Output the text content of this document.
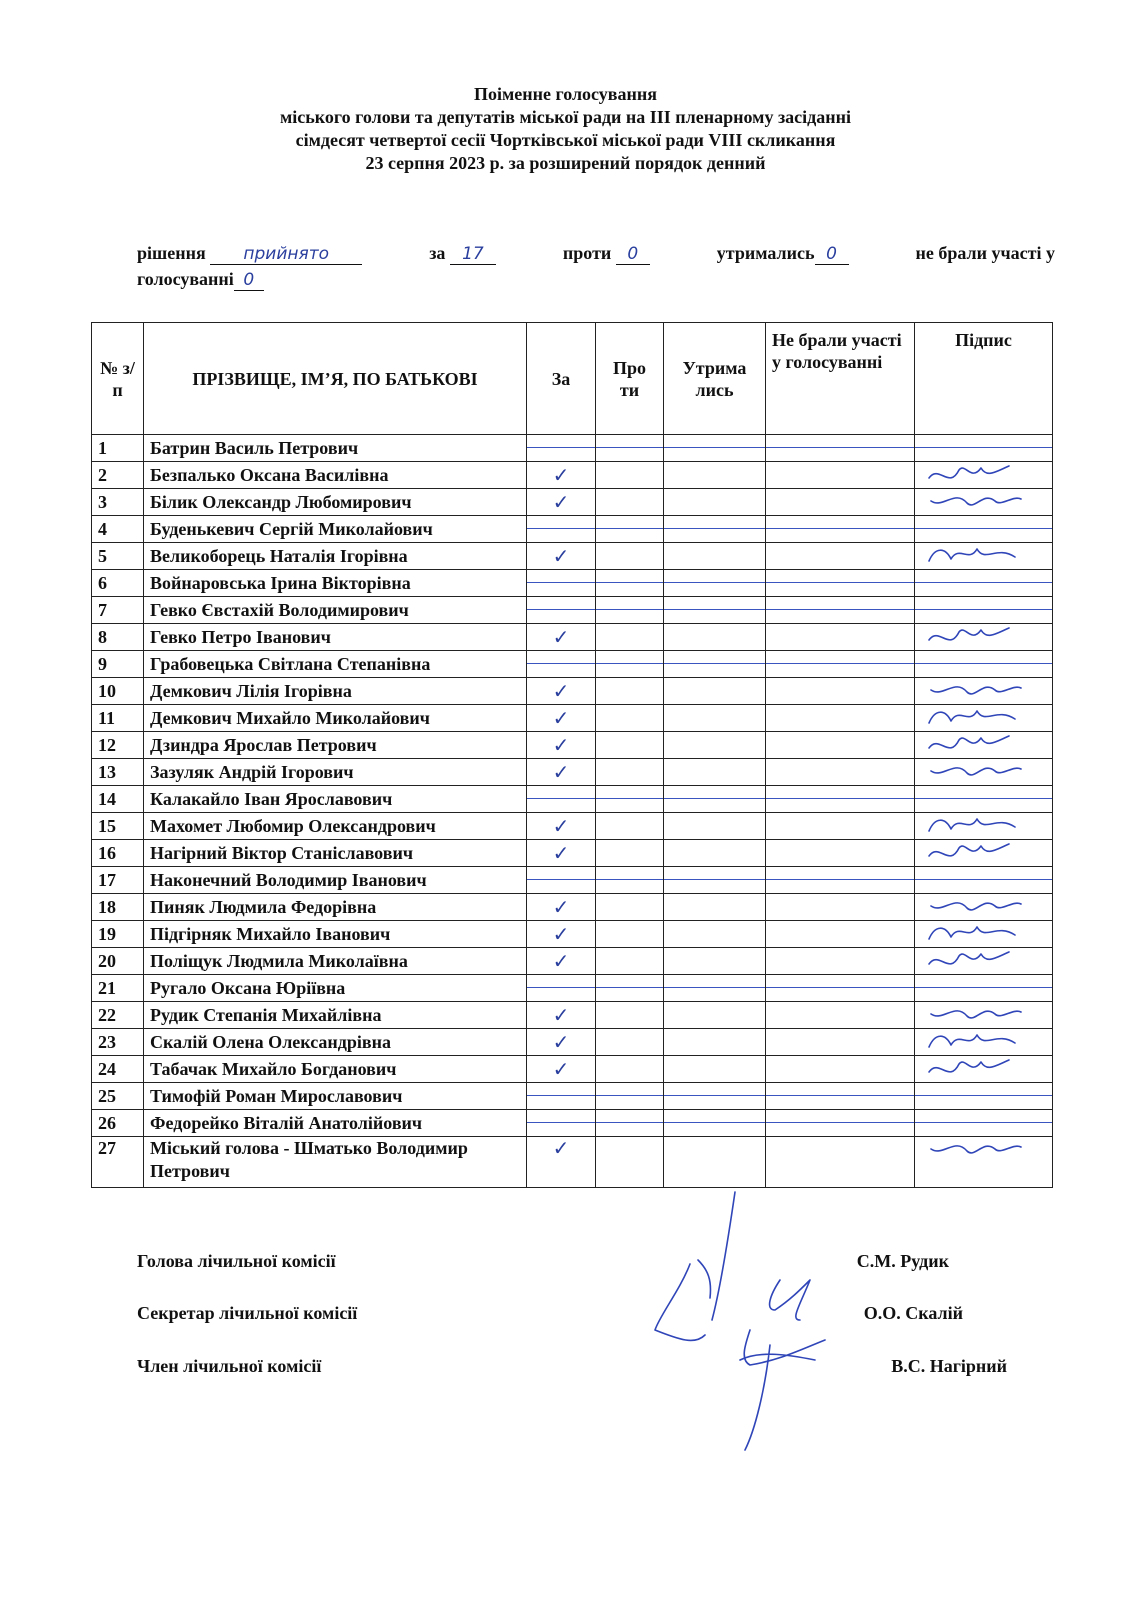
Поіменне голосування
міського голови та депутатів міської ради на ІІІ пленарному засіданні
сімдесят четвертої сесії Чортківської міської ради VIII скликання
23 серпня 2023 р. за розширений порядок денний
рішення прийнято	за 17	проти 0	утримались 0	не брали участі у
голосуванні 0
№ з/п	ПРІЗВИЩЕ, ІМ’Я, ПО БАТЬКОВІ	За	Про ти	Утрима лись	Не брали участі у голосуванні	Підпис
1	Батрин Василь Петрович					
2	Безпалько Оксана Василівна	✓				

3	Білик Олександр Любомирович	✓				

4	Буденькевич Сергій Миколайович					
5	Великоборець Наталія Ігорівна	✓				

6	Войнаровська Ірина Вікторівна					
7	Гевко Євстахій Володимирович					
8	Гевко Петро Іванович	✓				

9	Грабовецька Світлана Степанівна					
10	Демкович Лілія Ігорівна	✓				

11	Демкович Михайло Миколайович	✓				

12	Дзиндра Ярослав Петрович	✓				

13	Зазуляк Андрій Ігорович	✓				

14	Калакайло Іван Ярославович					
15	Махомет Любомир Олександрович	✓				

16	Нагірний Віктор Станіславович	✓				

17	Наконечний Володимир Іванович					
18	Пиняк Людмила Федорівна	✓				

19	Підгірняк Михайло Іванович	✓				

20	Поліщук Людмила Миколаївна	✓				

21	Ругало Оксана Юріївна					
22	Рудик Степанія Михайлівна	✓				

23	Скалій Олена Олександрівна	✓				

24	Табачак Михайло Богданович	✓				

25	Тимофій Роман Мирославович					
26	Федорейко Віталій Анатолійович					
27	Міський голова - Шматько Володимир Петрович	✓				
Голова лічильної комісії	С.М. Рудик
Секретар лічильної комісії	О.О. Скалій
Член лічильної комісії	В.С. Нагірний
